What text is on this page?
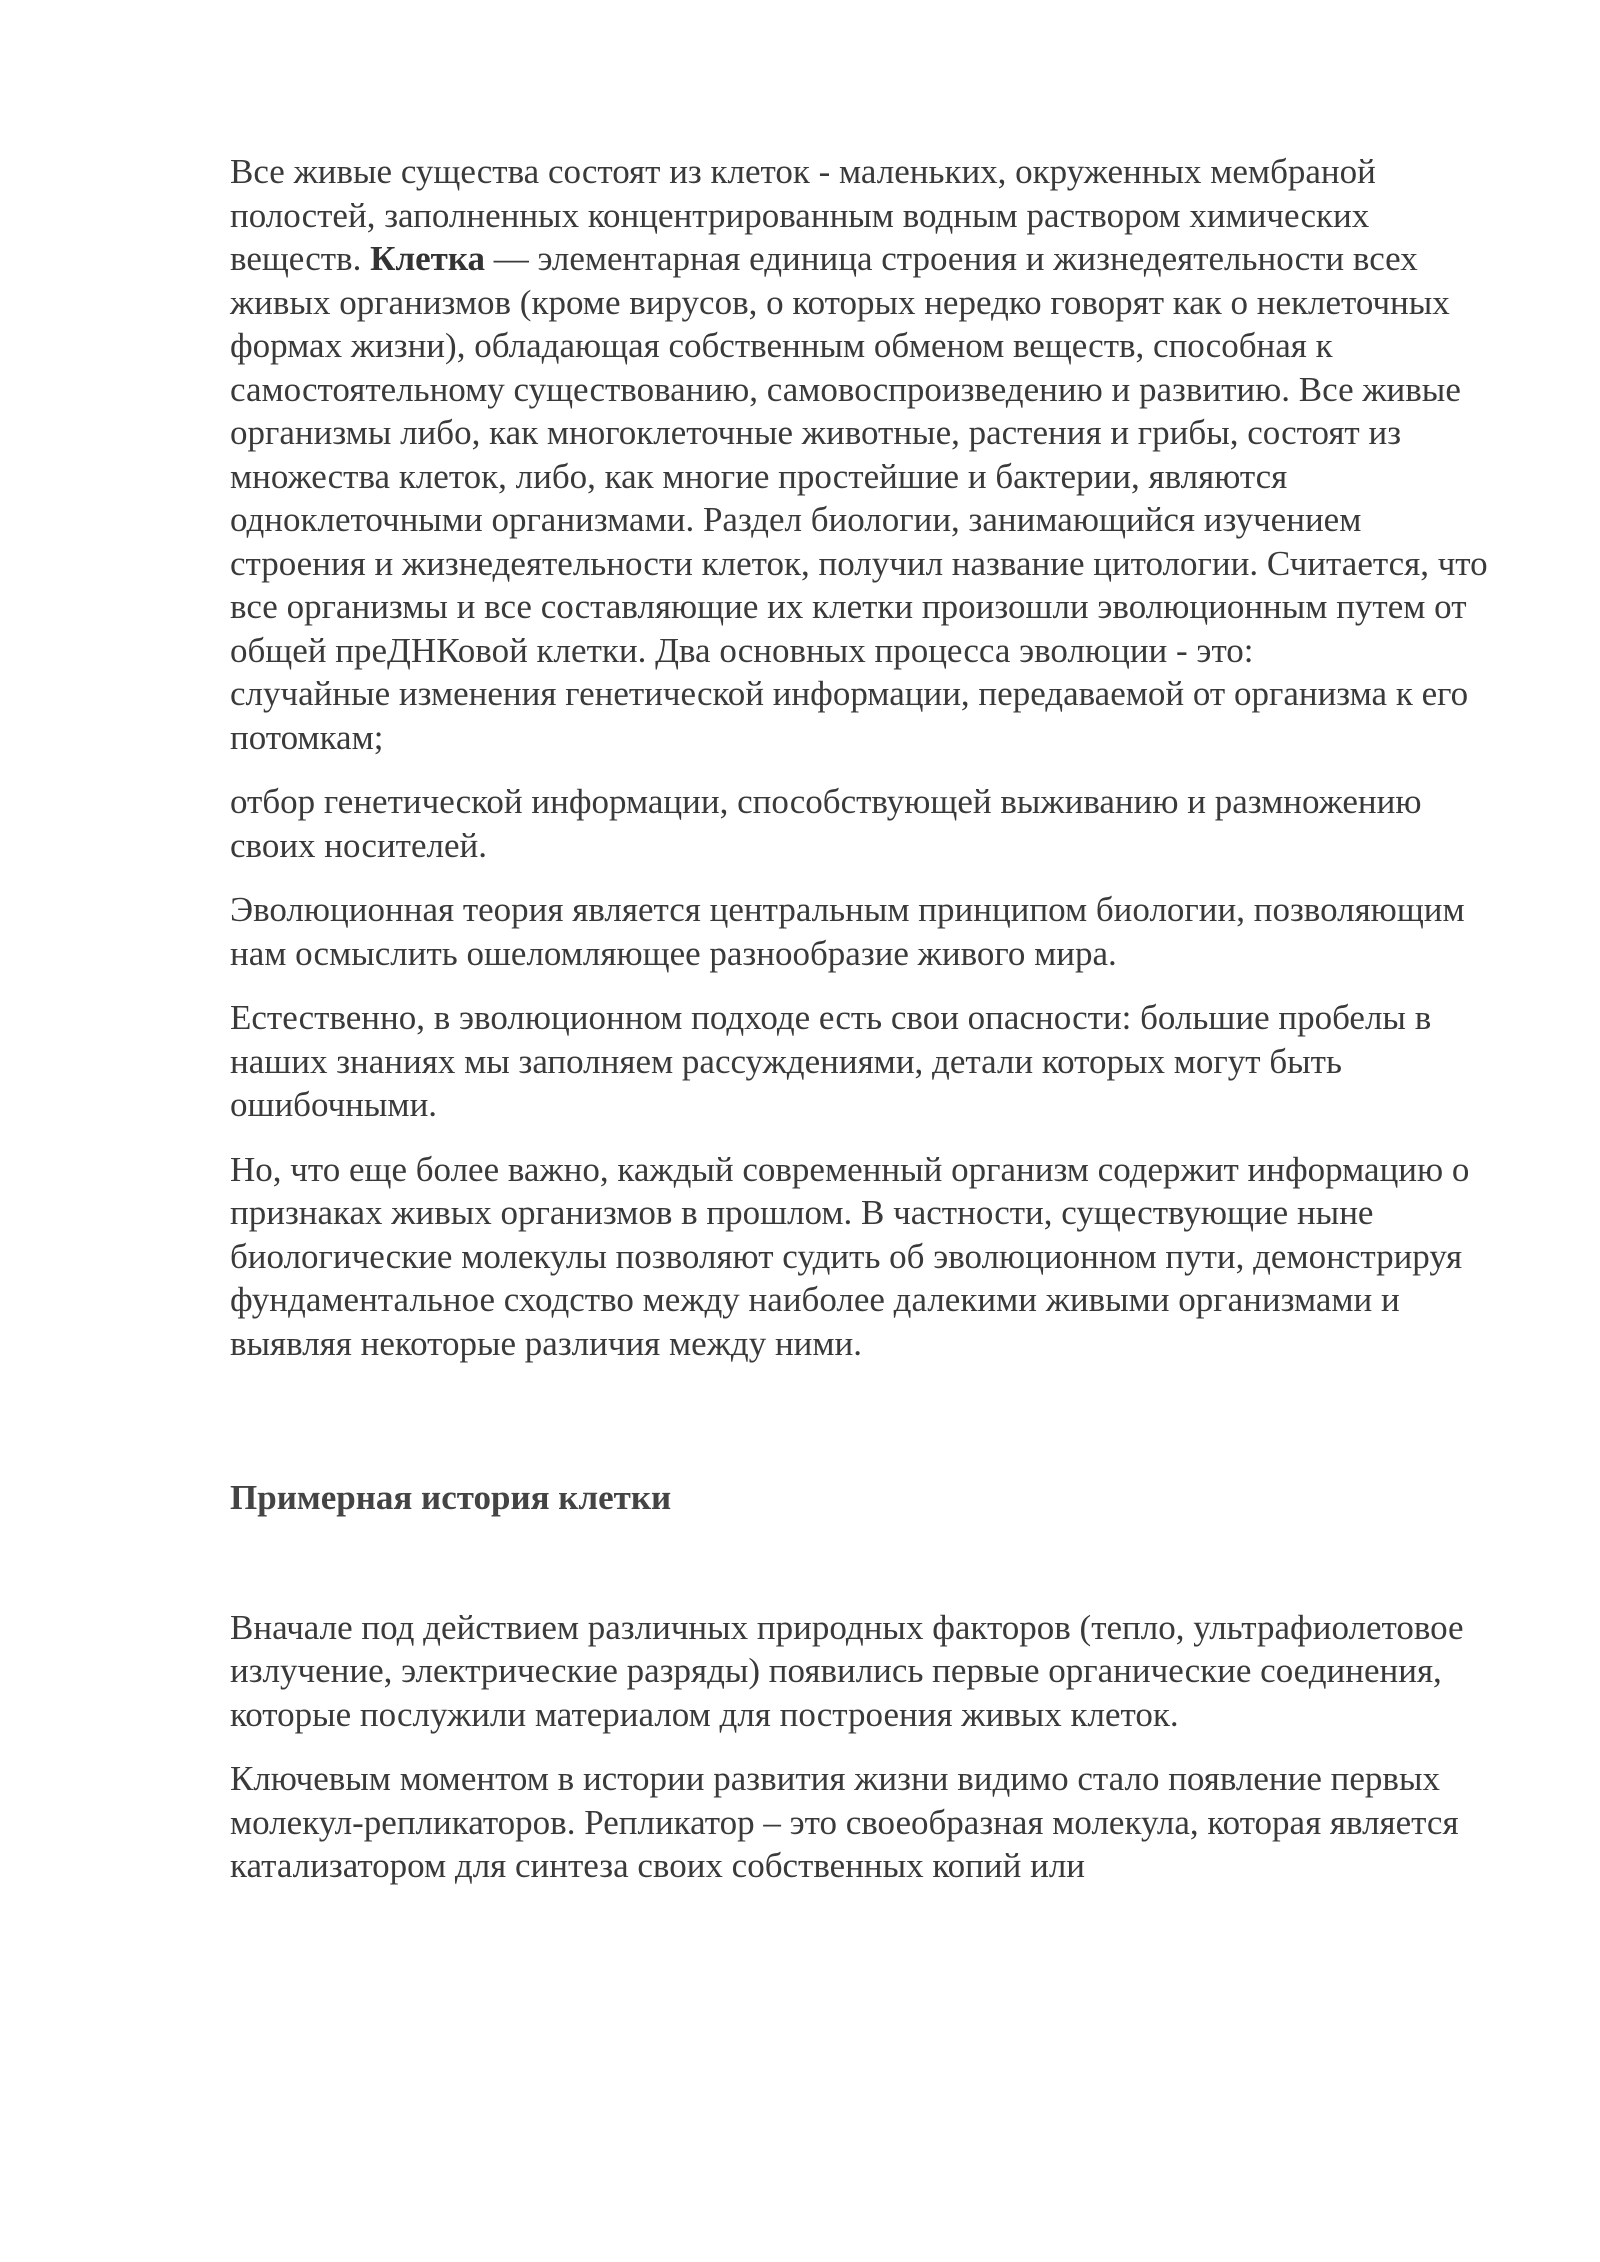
Все живые существа состоят из клеток - маленьких, окруженных мембраной полостей, заполненных концентрированным водным раствором химических веществ. Клетка — элементарная единица строения и жизнедеятельности всех живых организмов (кроме вирусов, о которых нередко говорят как о неклеточных формах жизни), обладающая собственным обменом веществ, способная к самостоятельному существованию, самовоспроизведению и развитию. Все живые организмы либо, как многоклеточные животные, растения и грибы, состоят из множества клеток, либо, как многие простейшие и бактерии, являются одноклеточными организмами. Раздел биологии, занимающийся изучением строения и жизнедеятельности клеток, получил название цитологии. Считается, что все организмы и все составляющие их клетки произошли эволюционным путем от общей преДНКовой клетки. Два основных процесса эволюции - это:
случайные изменения генетической информации, передаваемой от организма к его потомкам;

отбор генетической информации, способствующей выживанию и размножению своих носителей.

Эволюционная теория является центральным принципом биологии, позволяющим нам осмыслить ошеломляющее разнообразие живого мира.

Естественно, в эволюционном подходе есть свои опасности: большие пробелы в наших знаниях мы заполняем рассуждениями, детали которых могут быть ошибочными.

Но, что еще более важно, каждый современный организм содержит информацию о признаках живых организмов в прошлом. В частности, существующие ныне биологические молекулы позволяют судить об эволюционном пути, демонстрируя фундаментальное сходство между наиболее далекими живыми организмами и выявляя некоторые различия между ними.

Примерная история клетки

Вначале под действием различных природных факторов (тепло, ультрафиолетовое излучение, электрические разряды) появились первые органические соединения, которые послужили материалом для построения живых клеток.

Ключевым моментом в истории развития жизни видимо стало появление первых молекул-репликаторов. Репликатор – это своеобразная молекула, которая является катализатором для синтеза своих собственных копий или
